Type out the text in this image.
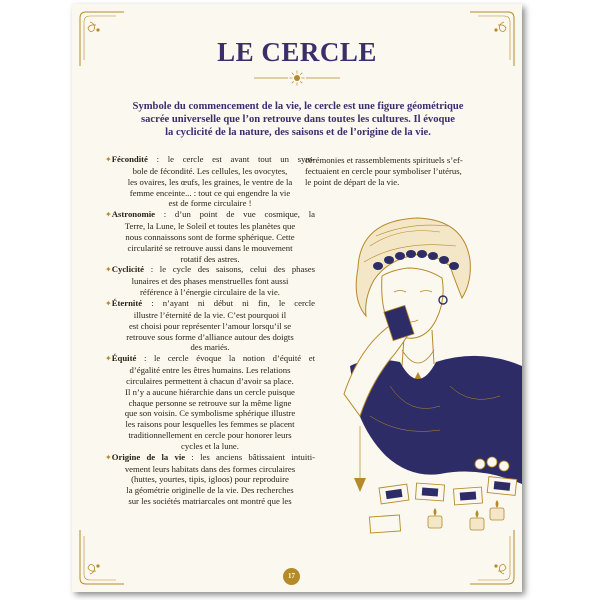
LE CERCLE
Symbole du commencement de la vie, le cercle est une figure géométrique
sacrée universelle que l’on retrouve dans toutes les cultures. Il évoque
la cyclicité de la nature, des saisons et de l’origine de la vie.
✦Fécondité : le cercle est avant tout un sym-
bole de fécondité. Les cellules, les ovocytes,
les ovaires, les œufs, les graines, le ventre de la
femme enceinte... : tout ce qui engendre la vie
est de forme circulaire !
✦Astronomie : d’un point de vue cosmique, la
Terre, la Lune, le Soleil et toutes les planètes que
nous connaissons sont de forme sphérique. Cette
circularité se retrouve aussi dans le mouvement
rotatif des astres.
✦Cyclicité : le cycle des saisons, celui des phases
lunaires et des phases menstruelles font aussi
référence à l’énergie circulaire de la vie.
✦Éternité : n’ayant ni début ni fin, le cercle
illustre l’éternité de la vie. C’est pourquoi il
est choisi pour représenter l’amour lorsqu’il se
retrouve sous forme d’alliance autour des doigts
des mariés.
✦Équité : le cercle évoque la notion d’équité et
d’égalité entre les êtres humains. Les relations
circulaires permettent à chacun d’avoir sa place.
Il n’y a aucune hiérarchie dans un cercle puisque
chaque personne se retrouve sur la même ligne
que son voisin. Ce symbolisme sphérique illustre
les raisons pour lesquelles les femmes se placent
traditionnellement en cercle pour honorer leurs
cycles et la lune.
✦Origine de la vie : les anciens bâtissaient intuiti-
vement leurs habitats dans des formes circulaires
(huttes, yourtes, tipis, igloos) pour reproduire
la géométrie originelle de la vie. Des recherches
sur les sociétés matriarcales ont montré que les
cérémonies et rassemblements spirituels s’ef-
fectuaient en cercle pour symboliser l’utérus,
le point de départ de la vie.
17
